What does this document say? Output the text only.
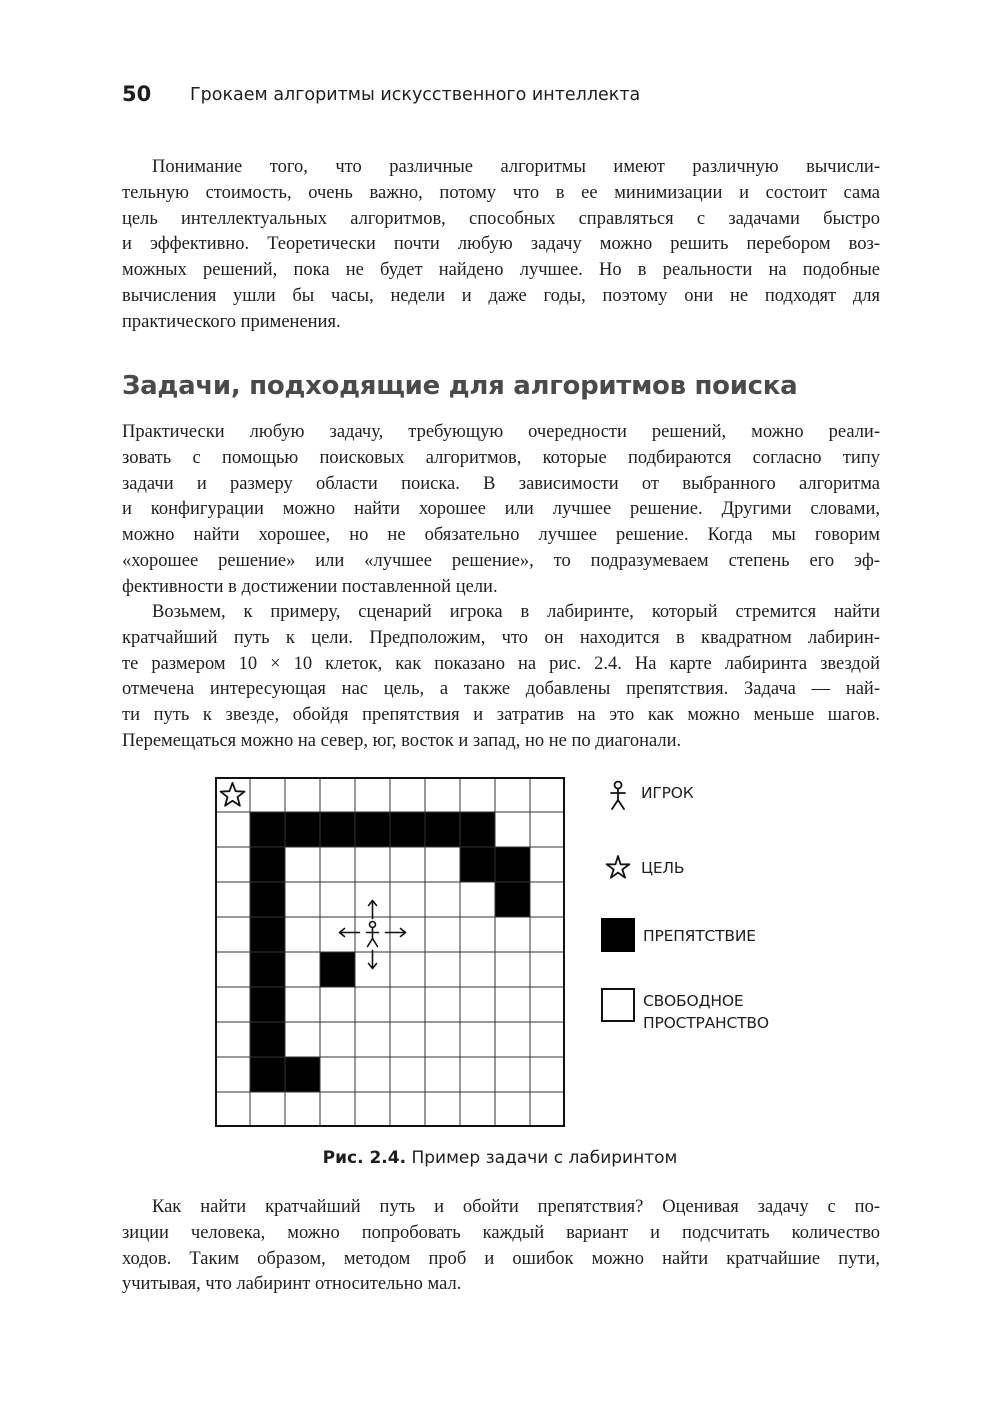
50 Грокаем алгоритмы искусственного интеллекта
Понимание того, что различные алгоритмы имеют различную вычисли-
тельную стоимость, очень важно, потому что в ее минимизации и состоит сама
цель интеллектуальных алгоритмов, способных справляться с задачами быстро
и эффективно. Теоретически почти любую задачу можно решить перебором воз-
можных решений, пока не будет найдено лучшее. Но в реальности на подобные
вычисления ушли бы часы, недели и даже годы, поэтому они не подходят для
практического применения.
Задачи, подходящие для алгоритмов поиска
Практически любую задачу, требующую очередности решений, можно реали-
зовать с помощью поисковых алгоритмов, которые подбираются согласно типу
задачи и размеру области поиска. В зависимости от выбранного алгоритма
и конфигурации можно найти хорошее или лучшее решение. Другими словами,
можно найти хорошее, но не обязательно лучшее решение. Когда мы говорим
«хорошее решение» или «лучшее решение», то подразумеваем степень его эф-
фективности в достижении поставленной цели.
Возьмем, к примеру, сценарий игрока в лабиринте, который стремится найти
кратчайший путь к цели. Предположим, что он находится в квадратном лабирин-
те размером 10 × 10 клеток, как показано на рис. 2.4. На карте лабиринта звездой
отмечена интересующая нас цель, а также добавлены препятствия. Задача — най-
ти путь к звезде, обойдя препятствия и затратив на это как можно меньше шагов.
Перемещаться можно на север, юг, восток и запад, но не по диагонали.
ИГРОК
ЦЕЛЬ
ПРЕПЯТСТВИЕ
СВОБОДНОЕ
ПРОСТРАНСТВО
Рис. 2.4. Пример задачи с лабиринтом
Как найти кратчайший путь и обойти препятствия? Оценивая задачу с по-
зиции человека, можно попробовать каждый вариант и подсчитать количество
ходов. Таким образом, методом проб и ошибок можно найти кратчайшие пути,
учитывая, что лабиринт относительно мал.
